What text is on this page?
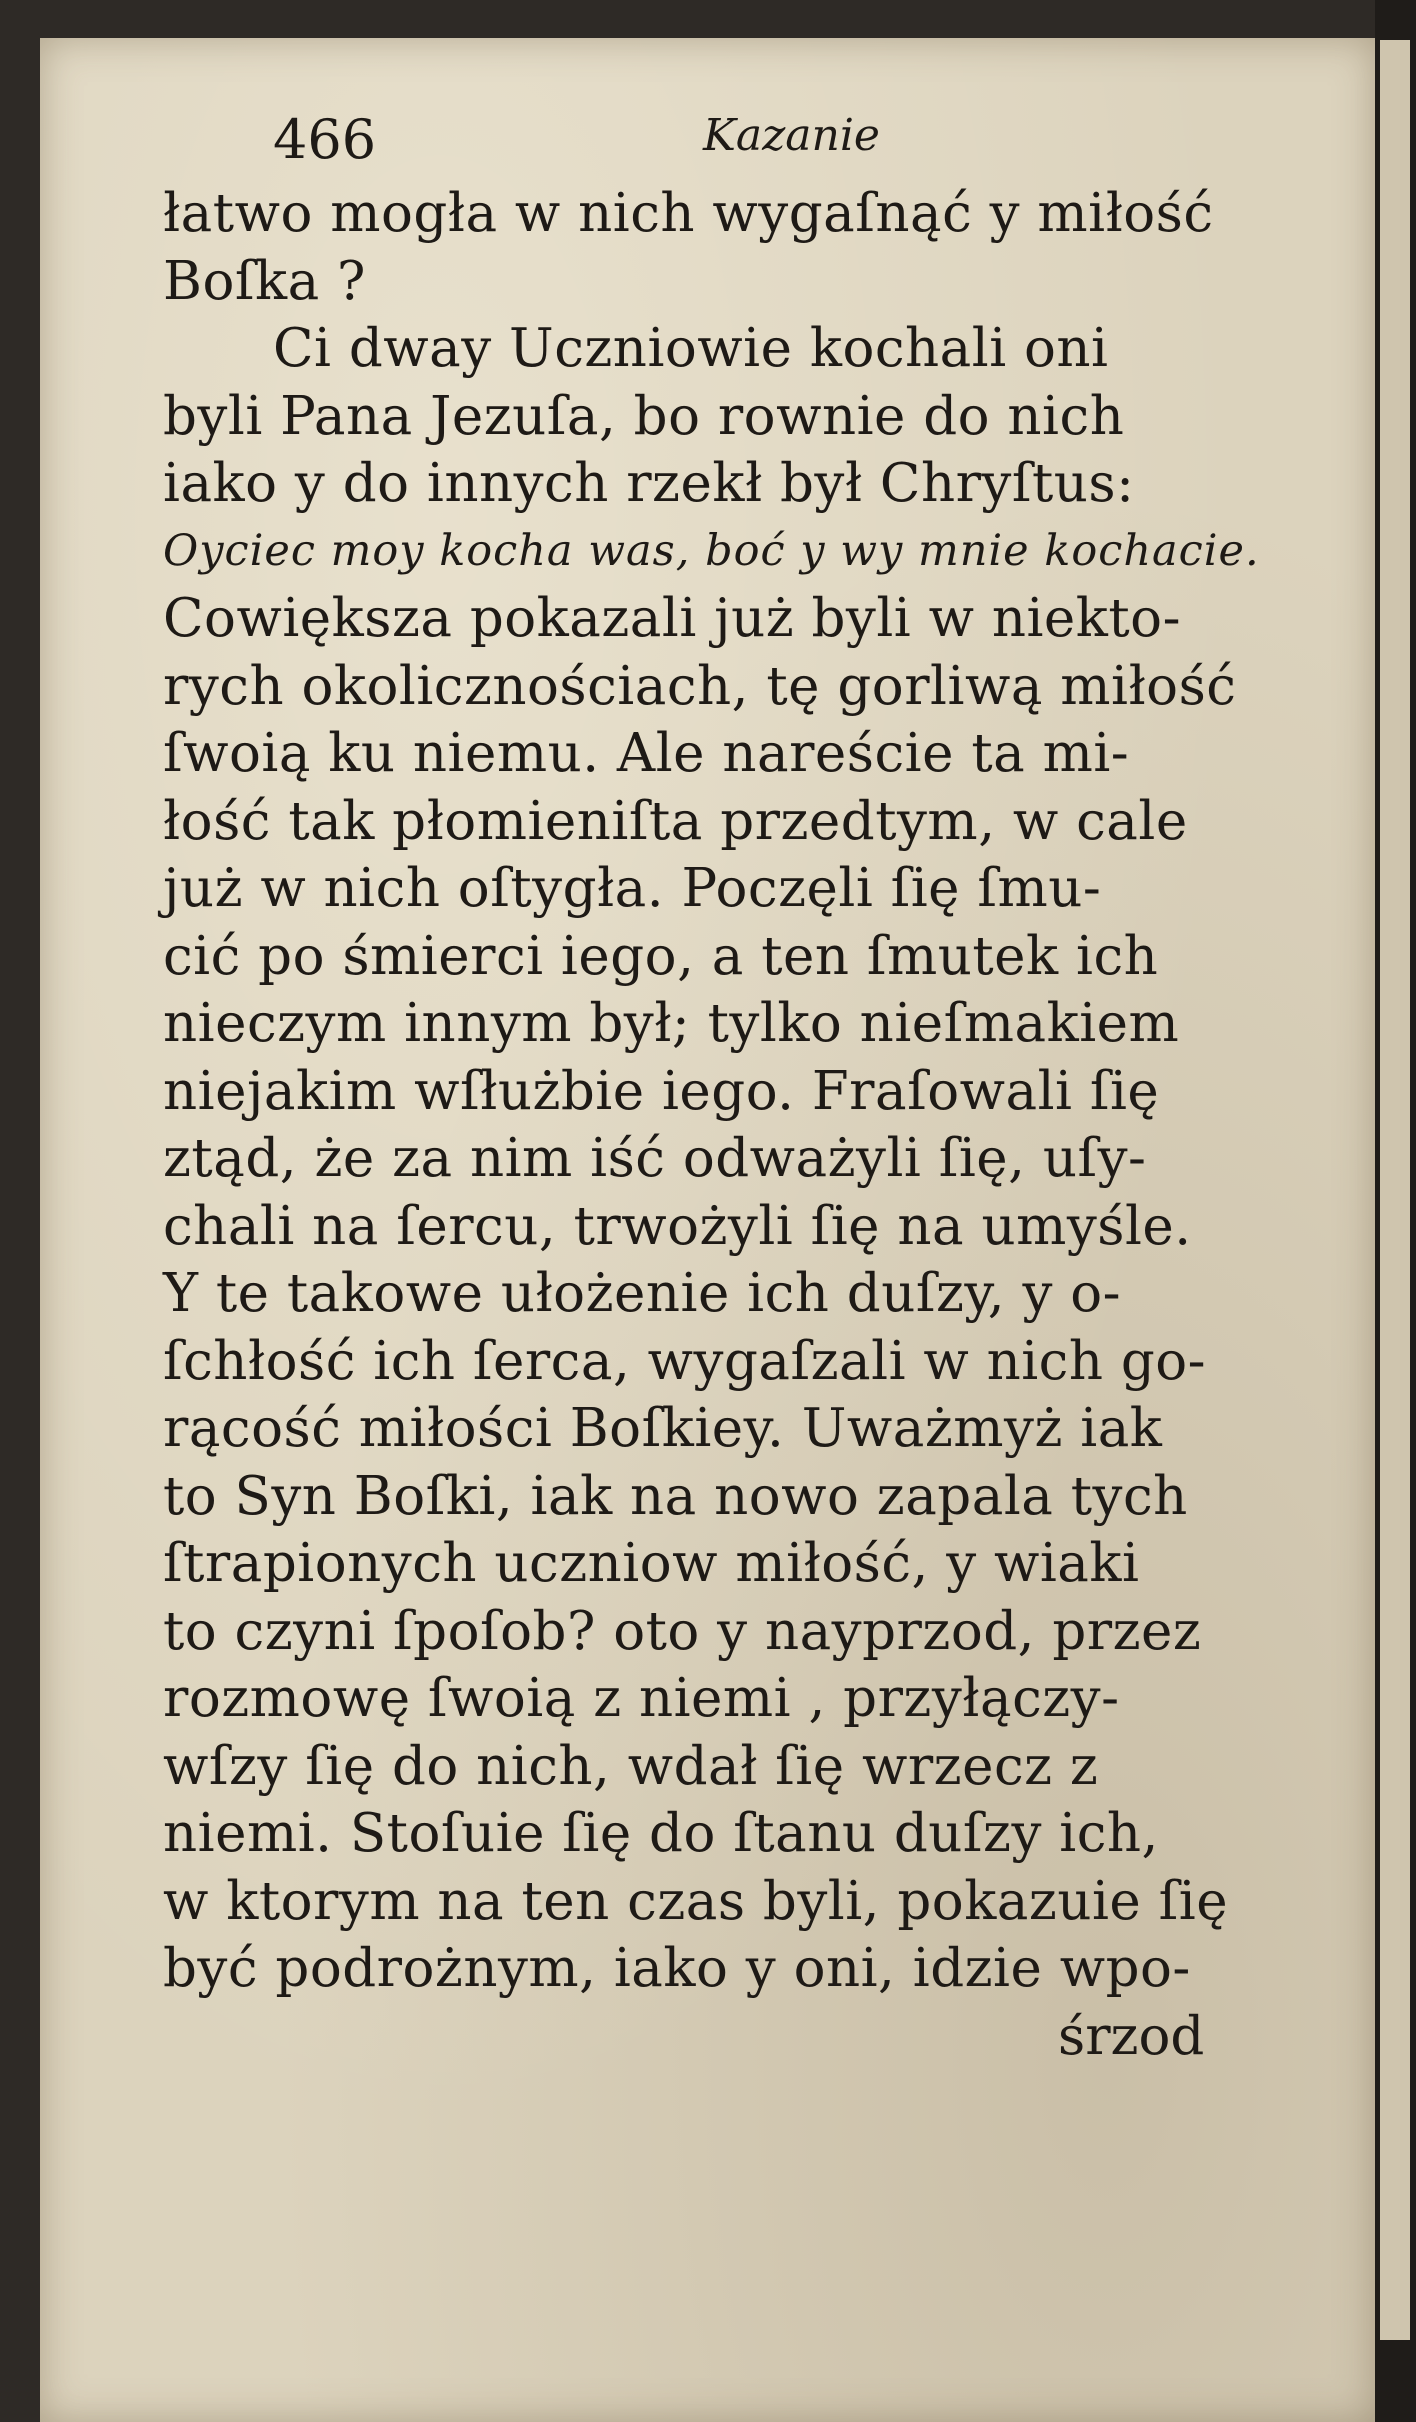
466	Kazanie
łatwo mogła w nich wygaſnąć y miłość
Boſka ?
Ci dway Uczniowie kochali oni
byli Pana Jezuſa, bo rownie do nich
iako y do innych rzekł był Chryſtus:
Oyciec moy kocha was, boć y wy mnie kochacie.
Cowiększa pokazali już byli w niekto-
rych okolicznościach, tę gorliwą miłość
ſwoią ku niemu. Ale nareście ta mi-
łość tak płomieniſta przedtym, w cale
już w nich oſtygła. Poczęli ſię ſmu-
cić po śmierci iego, a ten ſmutek ich
nieczym innym był; tylko nieſmakiem
niejakim wſłużbie iego. Fraſowali ſię
ztąd, że za nim iść odważyli ſię, uſy-
chali na ſercu, trwożyli ſię na umyśle.
Y te takowe ułożenie ich duſzy, y o-
ſchłość ich ſerca, wygaſzali w nich go-
rącość miłości Boſkiey. Uważmyż iak
to Syn Boſki, iak na nowo zapala tych
ſtrapionych uczniow miłość, y wiaki
to czyni ſpoſob? oto y nayprzod, przez
rozmowę ſwoią z niemi , przyłączy-
wſzy ſię do nich, wdał ſię wrzecz z
niemi. Stoſuie ſię do ſtanu duſzy ich,
w ktorym na ten czas byli, pokazuie ſię
być podrożnym, iako y oni, idzie wpo-
śrzod
